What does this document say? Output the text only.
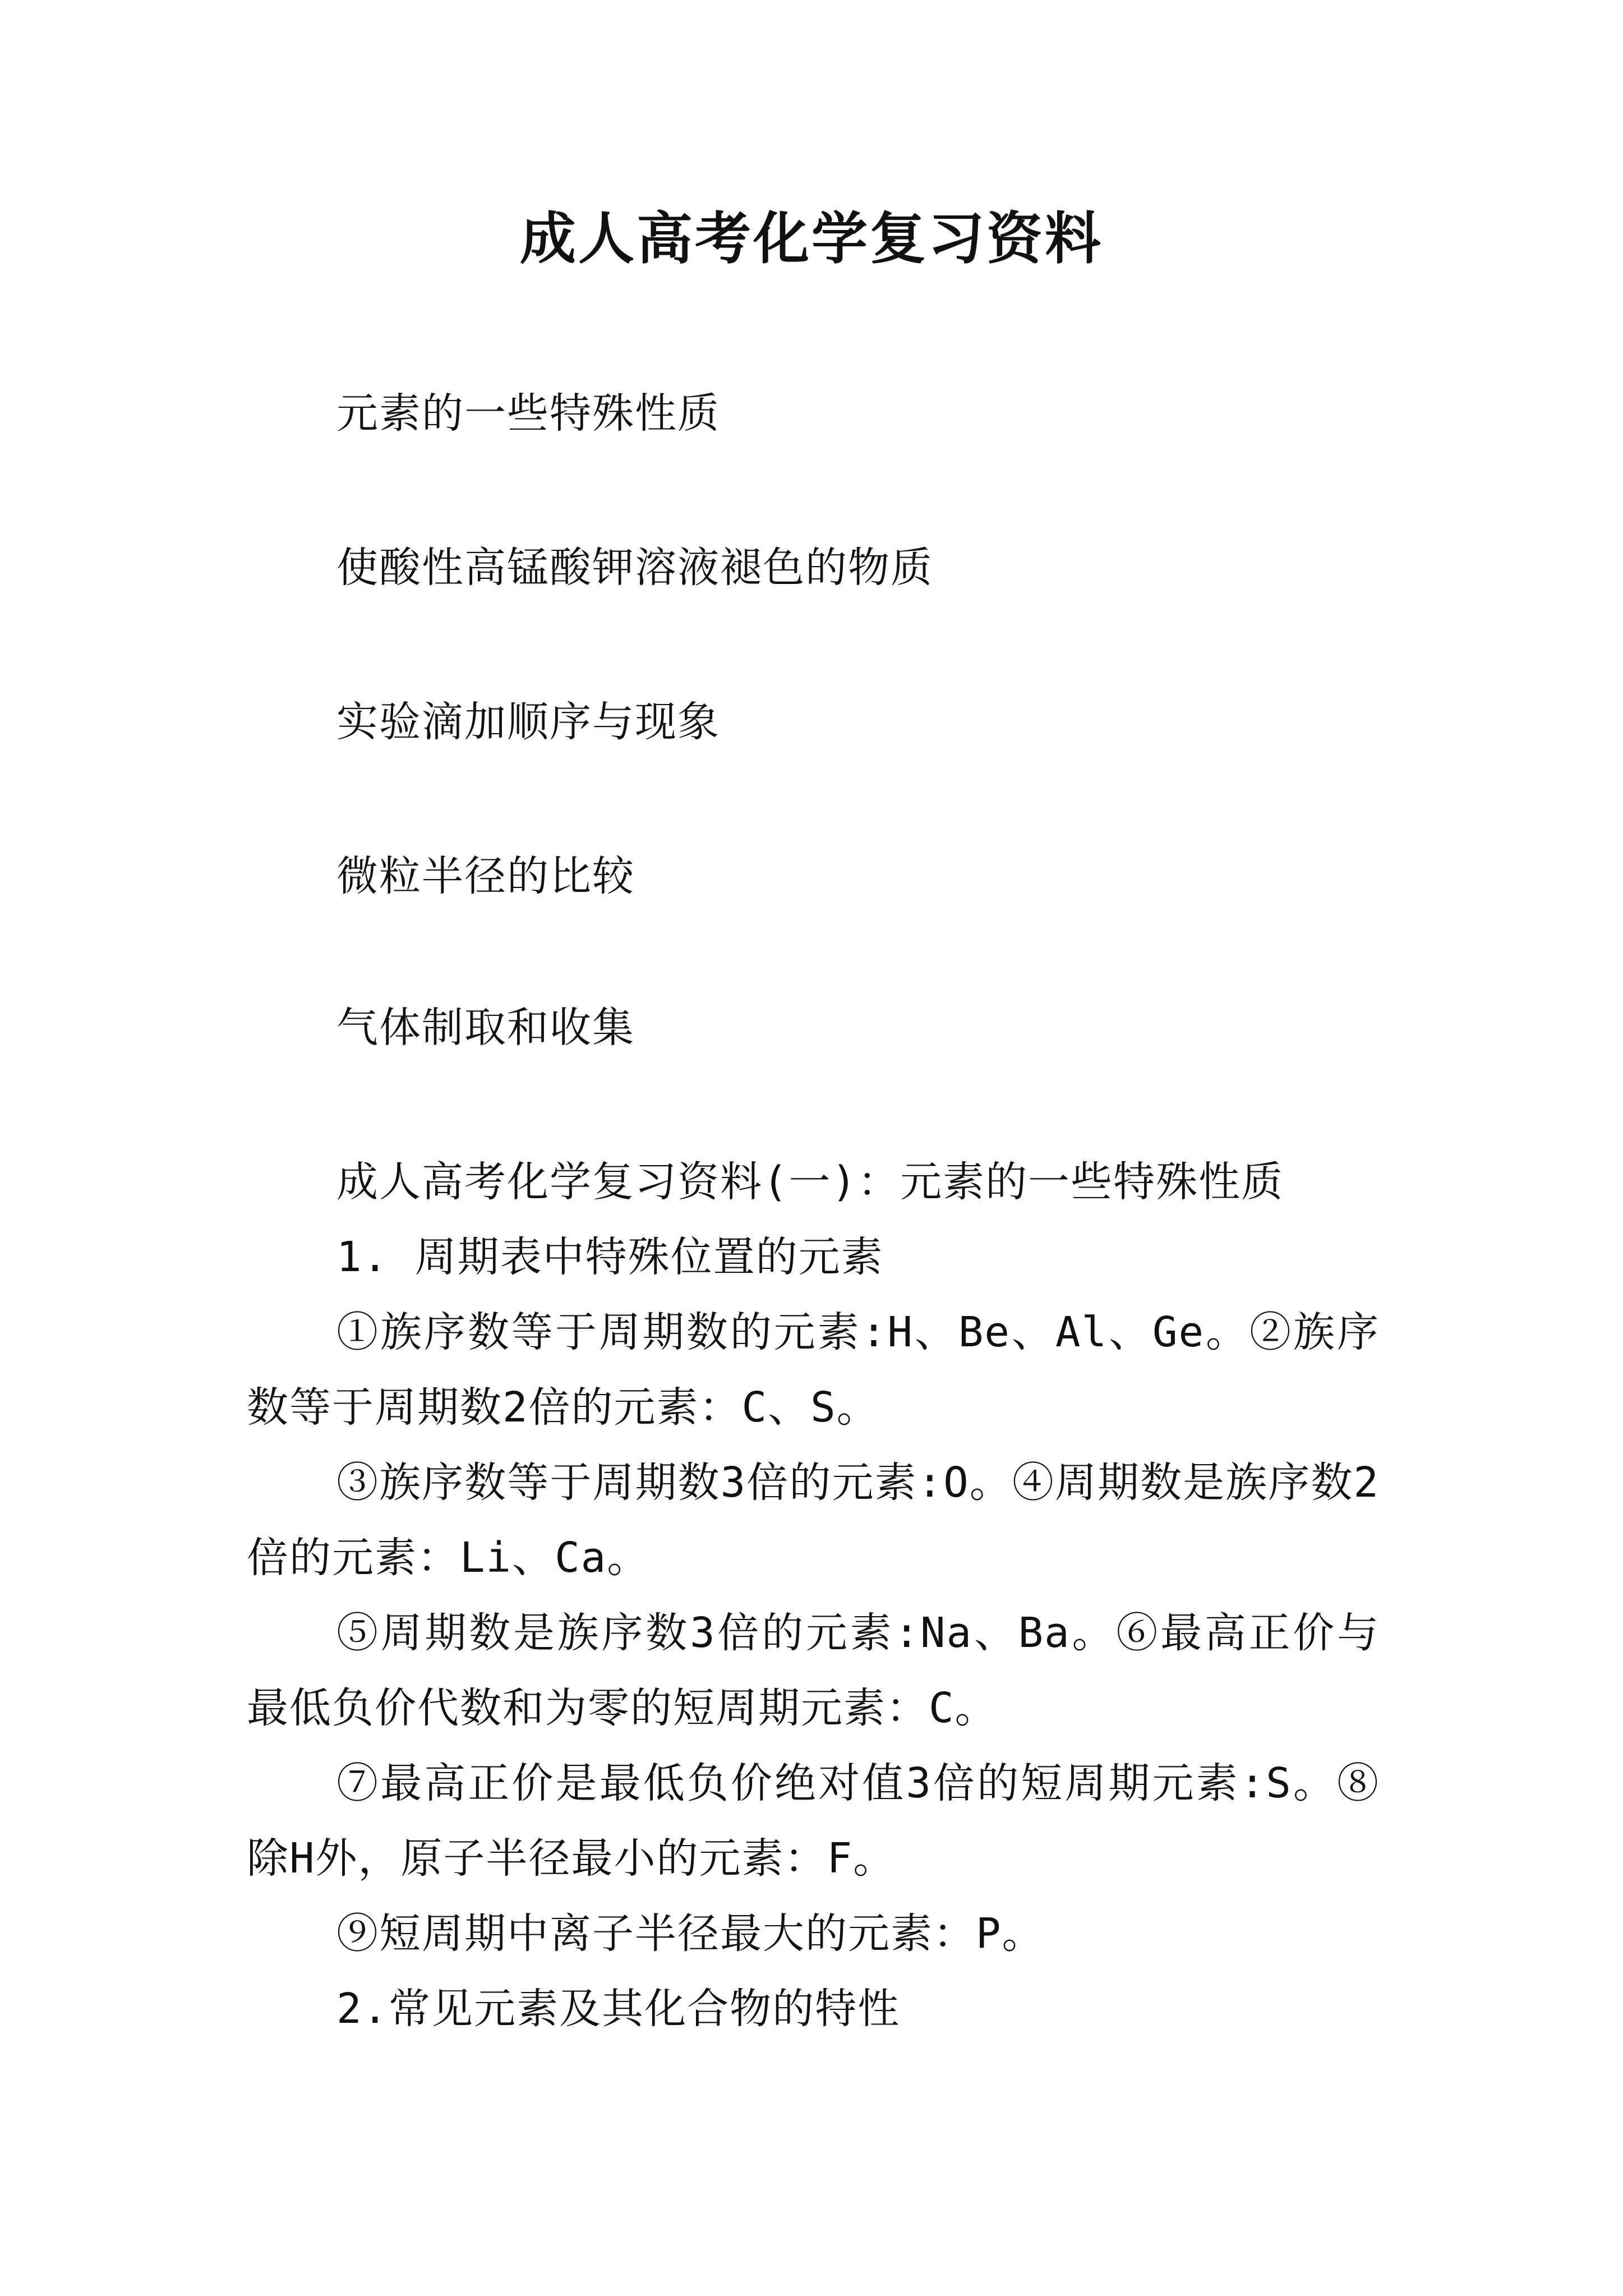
成人高考化学复习资料
元素的一些特殊性质
使酸性高锰酸钾溶液褪色的物质
实验滴加顺序与现象
微粒半径的比较
气体制取和收集

成人高考化学复习资料(一)：元素的一些特殊性质

1. 周期表中特殊位置的元素

①族序数等于周期数的元素:H、Be、Al、Ge。②族序数等于周期数2倍的元素：C、S。

③族序数等于周期数3倍的元素:O。④周期数是族序数2倍的元素：Li、Ca。

⑤周期数是族序数3倍的元素:Na、Ba。⑥最高正价与最低负价代数和为零的短周期元素：C。

⑦最高正价是最低负价绝对值3倍的短周期元素:S。⑧除H外，原子半径最小的元素：F。

⑨短周期中离子半径最大的元素：P。

2.常见元素及其化合物的特性
